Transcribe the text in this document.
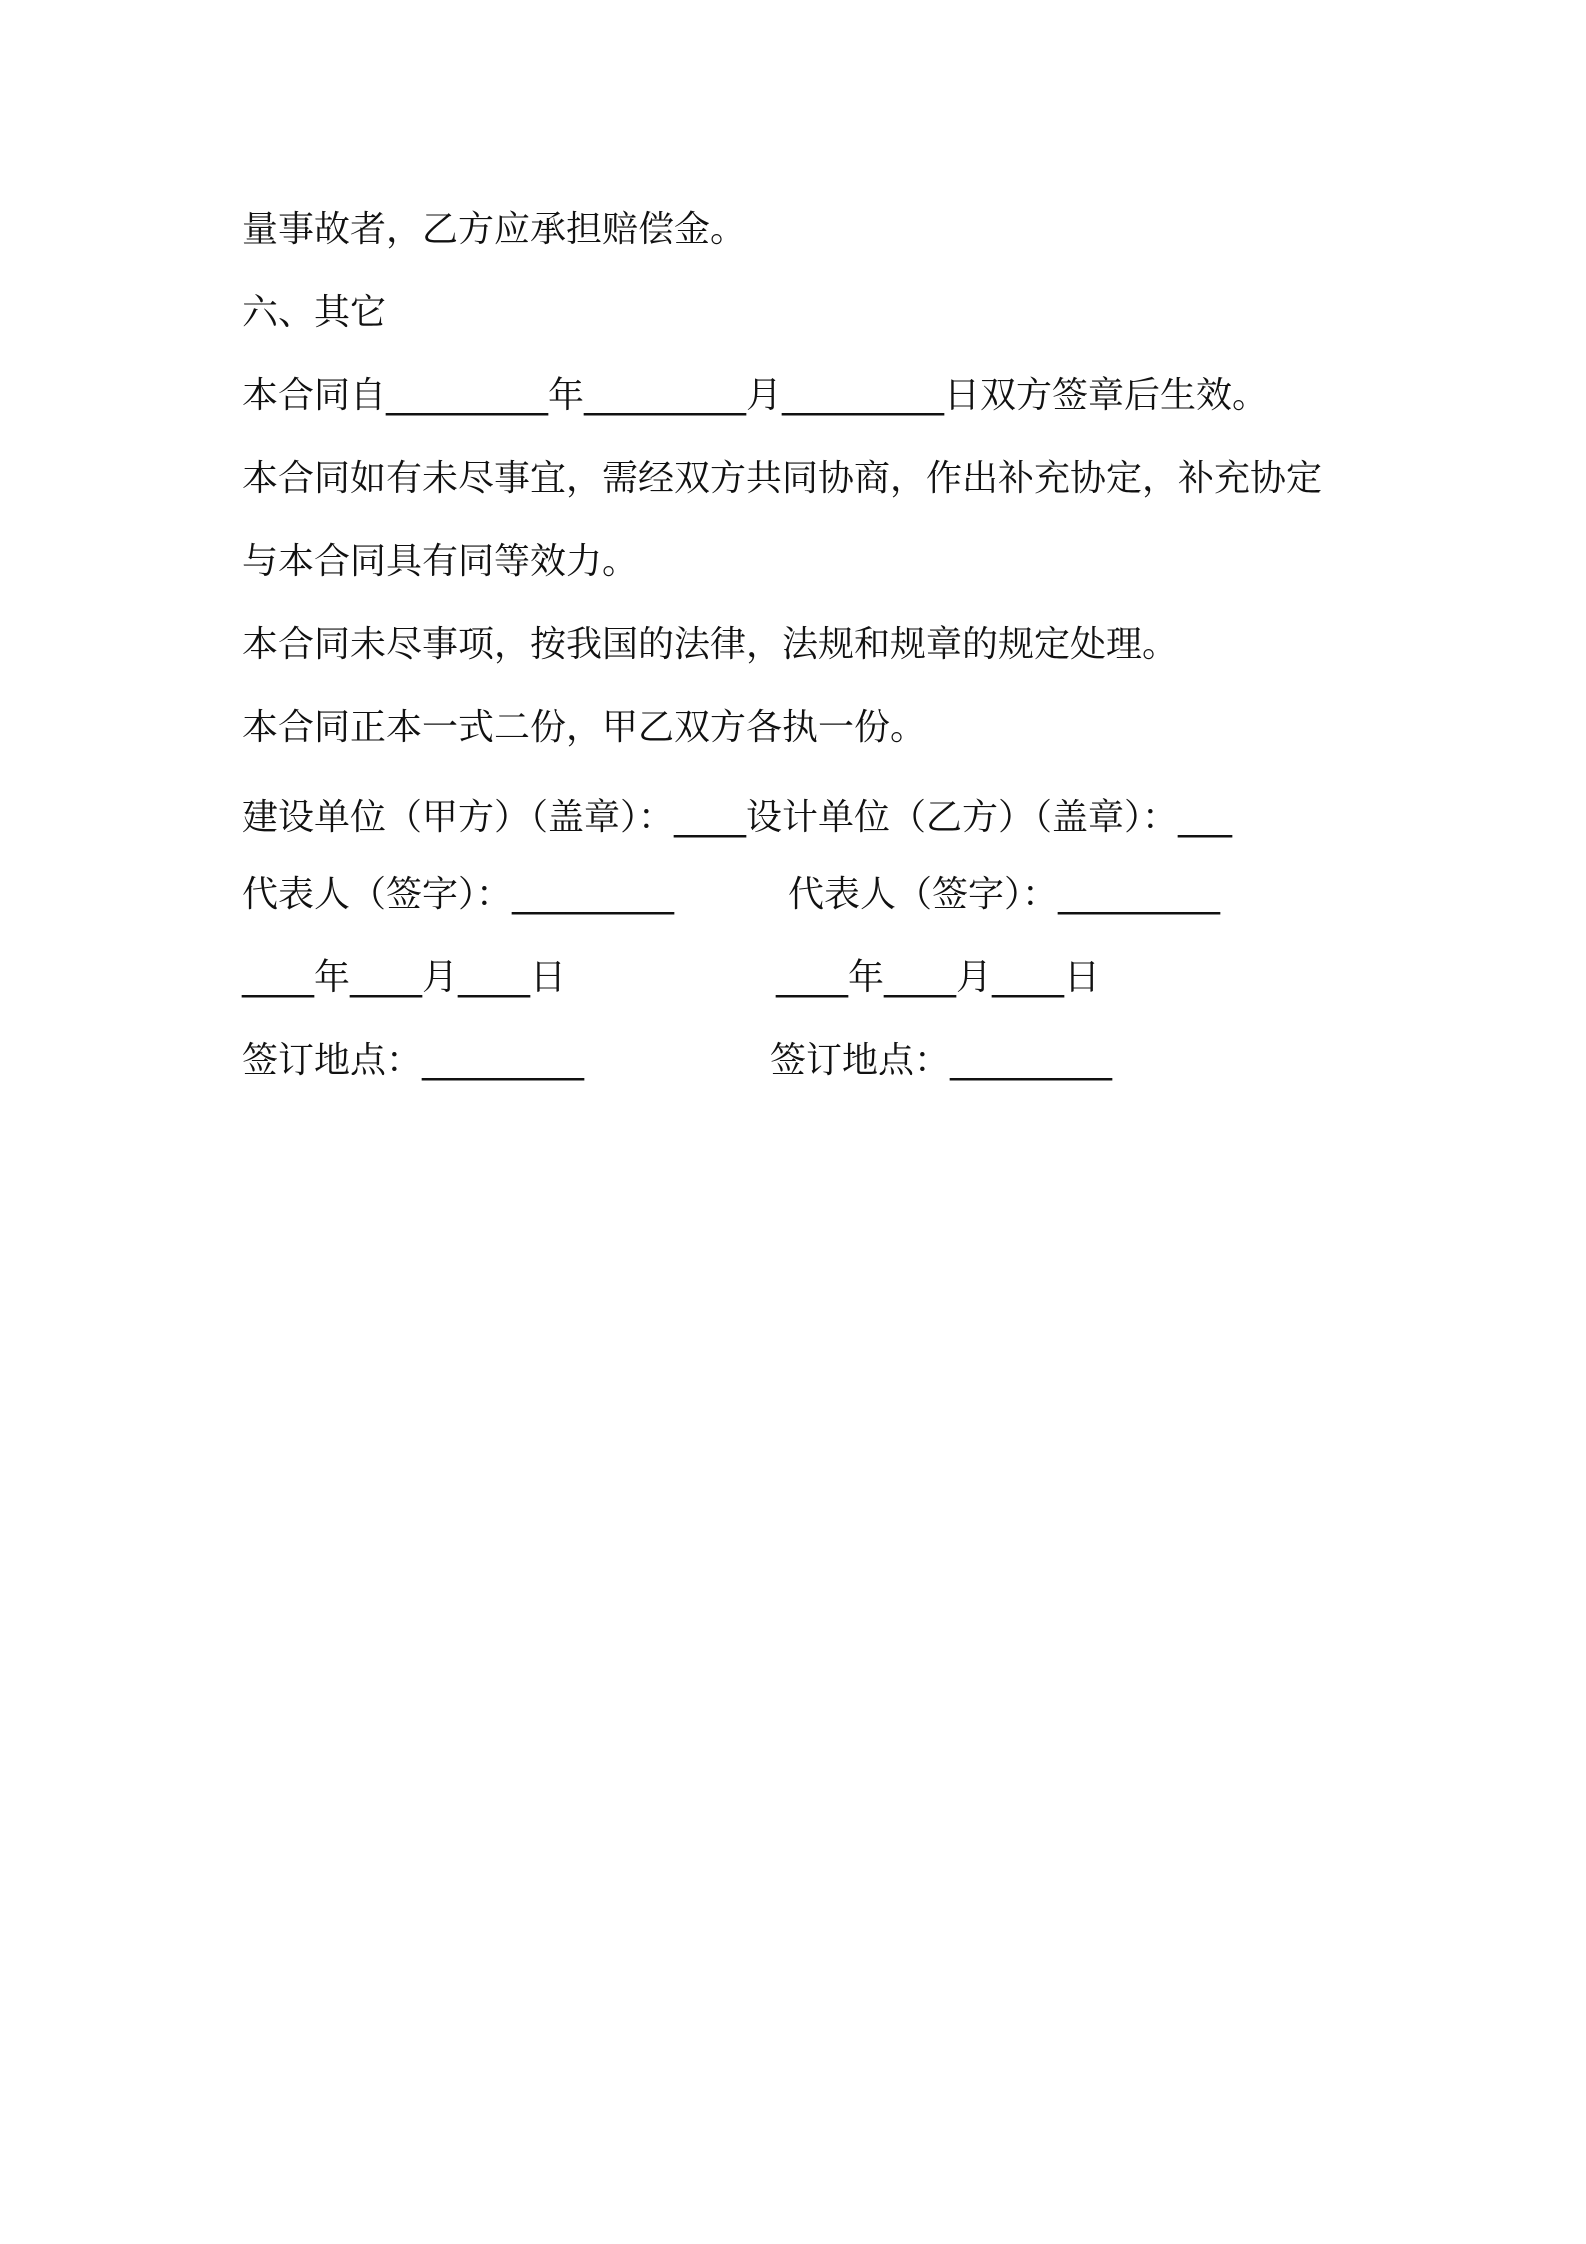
量事故者，乙方应承担赔偿金。
六、其它
本合同自_________年_________月_________日双方签章后生效。
本合同如有未尽事宜，需经双方共同协商，作出补充协定，补充协定
与本合同具有同等效力。
本合同未尽事项，按我国的法律，法规和规章的规定处理。
本合同正本一式二份，甲乙双方各执一份。
建设单位（甲方）（盖章）：____设计单位（乙方）（盖章）：___
代表人（签字）：_________	代表人（签字）：_________
____年____月____日	____年____月____日
签订地点：_________	签订地点：_________
